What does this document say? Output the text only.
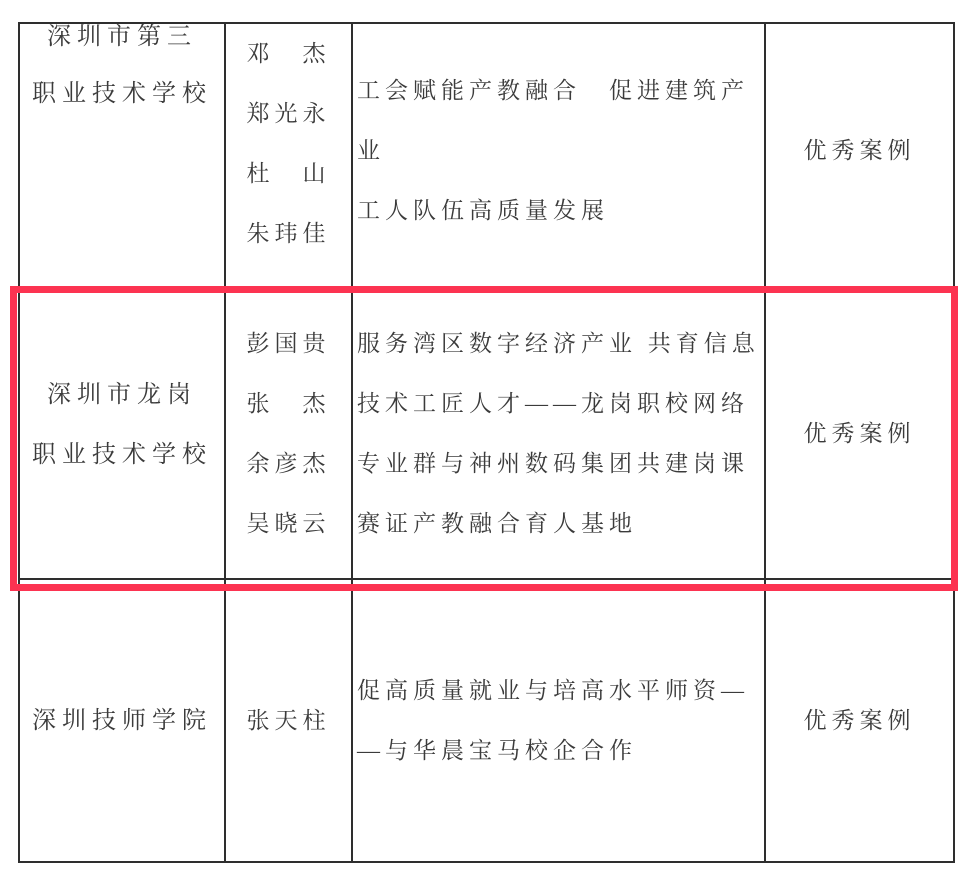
深圳市第三
职业技术学校
邓　杰
郑光永
杜　山
朱玮佳
工会赋能产教融合　促进建筑产业
工人队伍高质量发展
优秀案例
深圳市龙岗
职业技术学校
彭国贵
张　杰
余彦杰
吴晓云
服务湾区数字经济产业 共育信息
技术工匠人才——龙岗职校网络
专业群与神州数码集团共建岗课
赛证产教融合育人基地
优秀案例
深圳技师学院 张天柱
促高质量就业与培高水平师资—
—与华晨宝马校企合作
优秀案例
